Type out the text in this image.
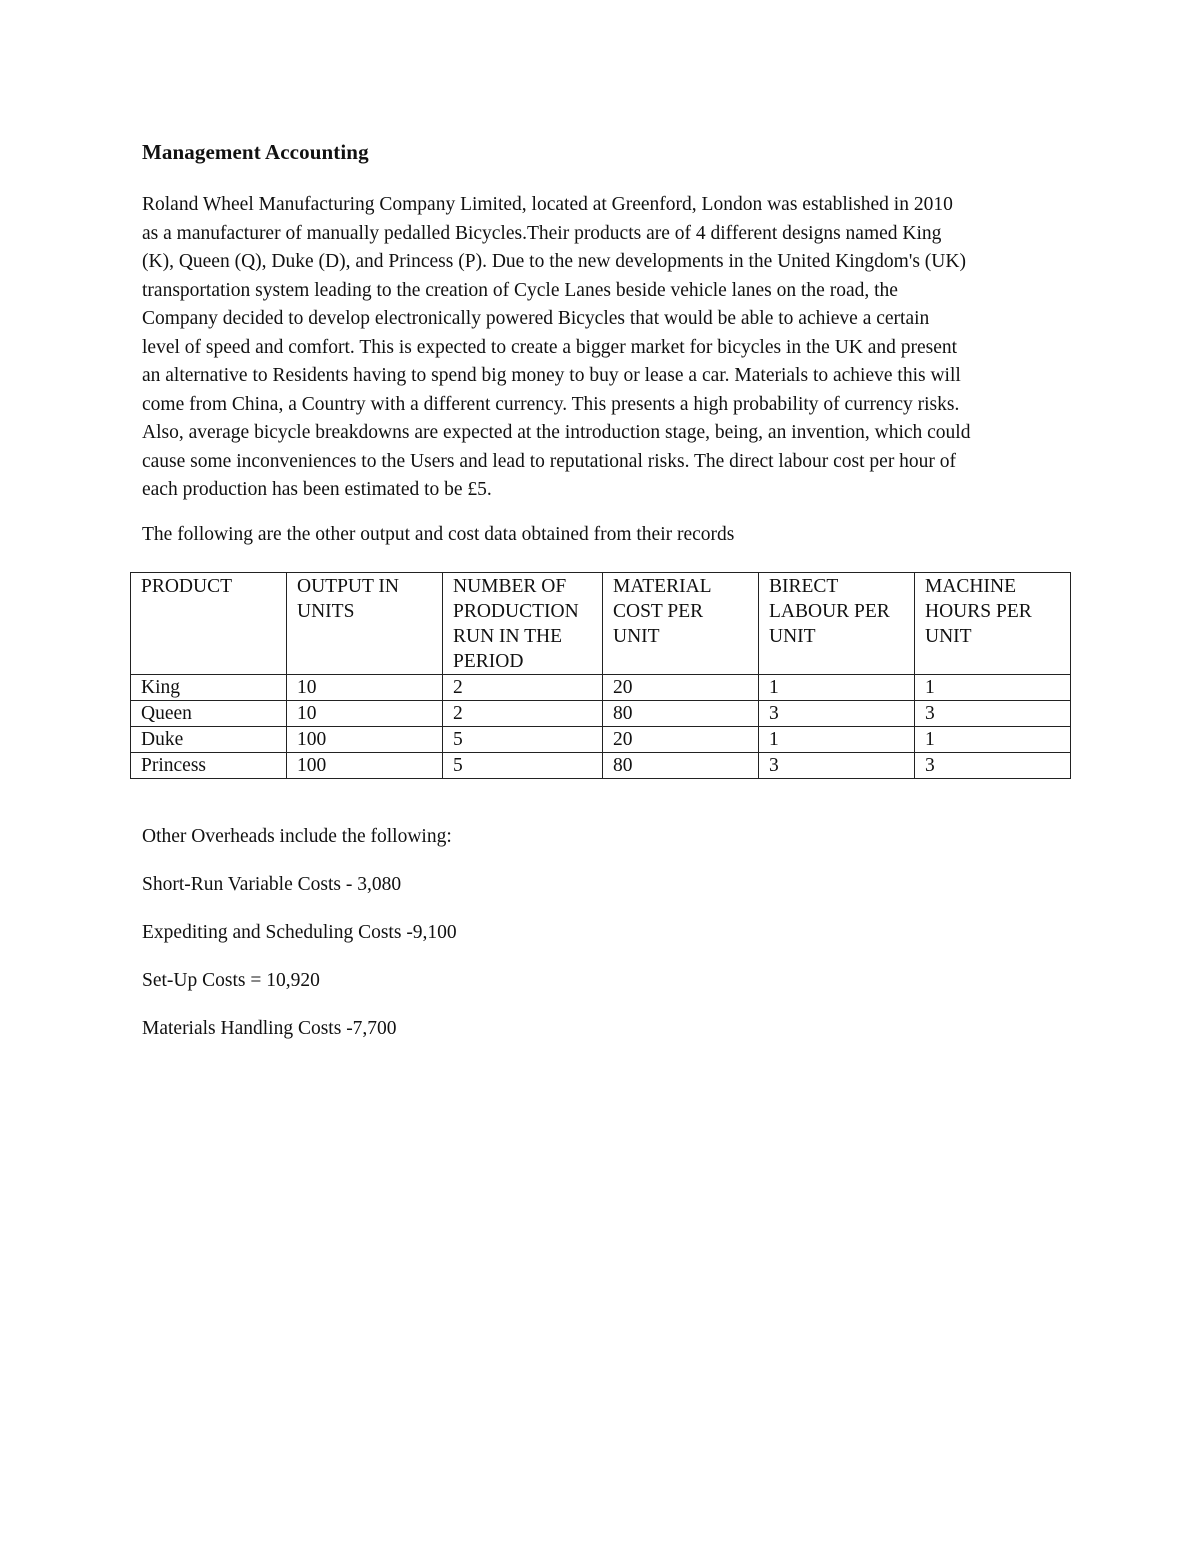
Management Accounting

Roland Wheel Manufacturing Company Limited, located at Greenford, London was established in 2010
as a manufacturer of manually pedalled Bicycles.Their products are of 4 different designs named King
(K), Queen (Q), Duke (D), and Princess (P). Due to the new developments in the United Kingdom's (UK)
transportation system leading to the creation of Cycle Lanes beside vehicle lanes on the road, the
Company decided to develop electronically powered Bicycles that would be able to achieve a certain
level of speed and comfort. This is expected to create a bigger market for bicycles in the UK and present
an alternative to Residents having to spend big money to buy or lease a car. Materials to achieve this will
come from China, a Country with a different currency. This presents a high probability of currency risks.
Also, average bicycle breakdowns are expected at the introduction stage, being, an invention, which could
cause some inconveniences to the Users and lead to reputational risks. The direct labour cost per hour of
each production has been estimated to be £5.

The following are the other output and cost data obtained from their records

PRODUCT	OUTPUT IN UNITS	NUMBER OF PRODUCTION RUN IN THE PERIOD	MATERIAL COST PER UNIT	BIRECT LABOUR PER UNIT	MACHINE HOURS PER UNIT
King	10	2	20	1	1
Queen	10	2	80	3	3
Duke	100	5	20	1	1
Princess	100	5	80	3	3
Other Overheads include the following:
Short-Run Variable Costs - 3,080
Expediting and Scheduling Costs -9,100
Set-Up Costs = 10,920
Materials Handling Costs -7,700
